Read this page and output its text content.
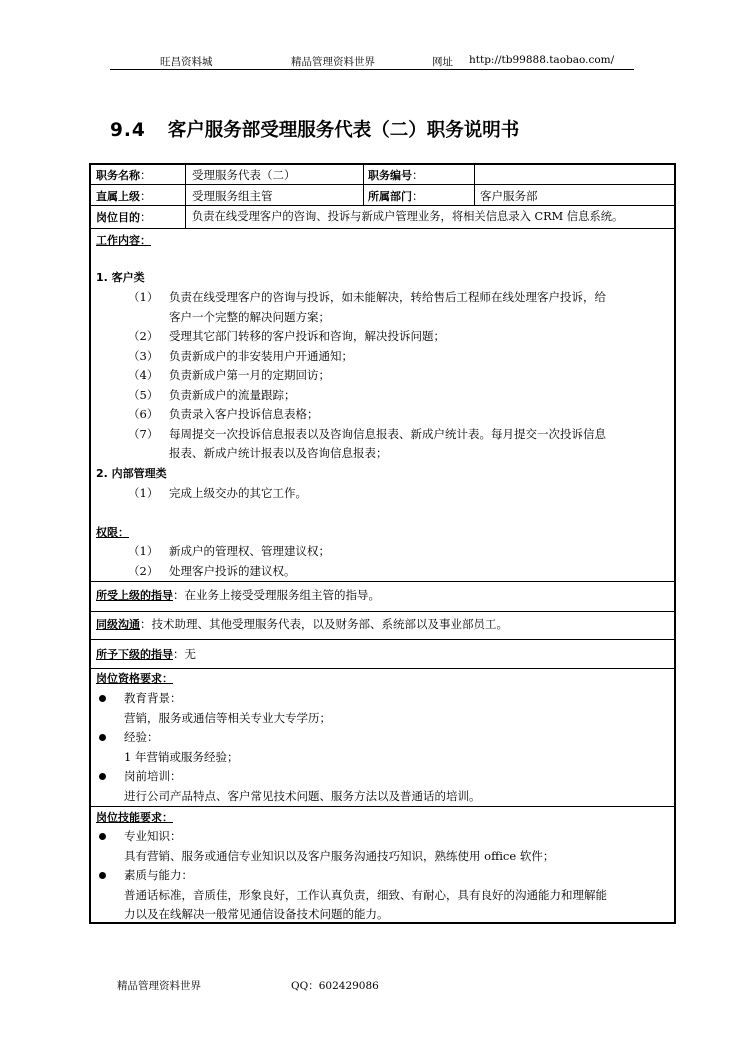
旺昌资料城	精品管理资料世界	网址 http://tb99888.taobao.com/
9.4 客户服务部受理服务代表（二）职务说明书
职务名称：	受理服务代表（二）	职务编号：
直属上级：	受理服务组主管	所属部门：	客户服务部
岗位目的：	负责在线受理客户的咨询、投诉与新成户管理业务，将相关信息录入 CRM 信息系统。
工作内容：
1. 客户类
（1） 负责在线受理客户的咨询与投诉，如未能解决，转给售后工程师在线处理客户投诉，给
客户一个完整的解决问题方案；
（2） 受理其它部门转移的客户投诉和咨询，解决投诉问题；
（3） 负责新成户的非安装用户开通通知；
（4） 负责新成户第一月的定期回访；
（5） 负责新成户的流量跟踪；
（6） 负责录入客户投诉信息表格；
（7） 每周提交一次投诉信息报表以及咨询信息报表、新成户统计表。每月提交一次投诉信息
报表、新成户统计报表以及咨询信息报表；
2. 内部管理类
（1） 完成上级交办的其它工作。
权限：
（1） 新成户的管理权、管理建议权；
（2） 处理客户投诉的建议权。
所受上级的指导：在业务上接受受理服务组主管的指导。
同级沟通：技术助理、其他受理服务代表，以及财务部、系统部以及事业部员工。
所予下级的指导：无
岗位资格要求：
教育背景：
营销，服务或通信等相关专业大专学历；
经验：
1 年营销或服务经验；
岗前培训：
进行公司产品特点、客户常见技术问题、服务方法以及普通话的培训。
岗位技能要求：
专业知识：
具有营销、服务或通信专业知识以及客户服务沟通技巧知识，熟练使用 office 软件；
素质与能力：
普通话标准，音质佳，形象良好，工作认真负责，细致、有耐心，具有良好的沟通能力和理解能
力以及在线解决一般常见通信设备技术问题的能力。
精品管理资料世界	QQ：602429086
